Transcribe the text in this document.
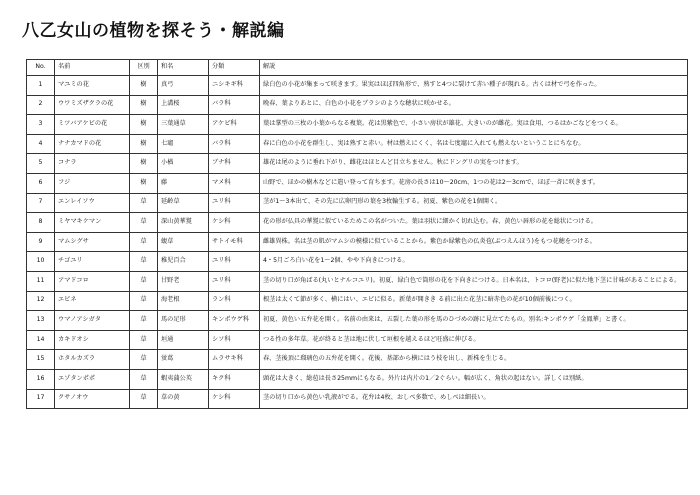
八乙女山の植物を探そう・解説編
No.	名前	区別	和名	分類	解説
1	マユミの花	樹	真弓	ニシキギ科	緑白色の小花が集まって咲きます。果実はほぼ四角形で、熟すと4つに裂けて赤い種子が現れる。古くは材で弓を作った。
2	ウワミズザクラの花	樹	上溝桜	バラ科	晩春、葉よりあとに、白色の小花をブラシのような穂状に咲かせる。
3	ミツバアケビの花	樹	三葉通草	アケビ科	葉は掌型の三枚の小葉からなる複葉。花は黒紫色で、小さい房状が雄花、大きいのが雌花。実は食用、つるはかごなどをつくる。
4	ナナカマドの花	樹	七竈	バラ科	春に白色の小花を群生し、実は熟すと赤い。材は燃えにくく、名は七度竈に入れても燃えないということにちなむ。
5	コナラ	樹	小楢	ブナ科	雄花は尾のように垂れ下がり、雌花はほとんど目立ちません。秋にドングリの実をつけます。
6	フジ	樹	藤	マメ科	山野で、ほかの樹木などに遣い登って育ちます。花房の長さは10〜20cm、1つの花は2〜3cmで、ほぼ一斉に咲きます。
7	エンレイソウ	草	延齢草	ユリ科	茎が1〜3本出て、その先に広卵円形の葉を3枚輪生する。初夏、紫色の花を1個開く。
8	ミヤマキケマン	草	深山黄華鬘	ケシ科	花の形が仏具の華鬘に似ているためこの名がついた。葉は羽状に細かく切れ込む。春、黄色い唇形の花を総状につける。
9	マムシグサ	草	蝮草	サトイモ科	雌雄異株。名は茎の肌がマムシの模様に似ていることから。紫色か緑紫色の仏炎苞(ぶつえんほう)をもつ花穂をつける。
10	チゴユリ	草	稚児百合	ユリ科	4・5月ごろ白い花を1〜2個、やや下向きにつける。
11	アマドコロ	草	甘野老	ユリ科	茎の切り口が角ばる(丸いとナルコユリ)。初夏、緑白色で筒形の花を下向きにつける。日本名は、トコロ(野老)に似た地下茎に甘味があることによる。
12	エビネ	草	海老根	ラン科	根茎は太くて節が多く、横にはい、エビに似る。新葉が開きき る前に出た花茎に暗赤色の花が10個前後につく。
13	ウマノアシガタ	草	馬の足形	キンポウゲ科	初夏、黄色い五弁花を開く。名前の由来は、五裂した葉の形を馬のひづめの跡に見立てたもの。別名:キンポウゲ「金鳳華」と書く。
14	カキドオシ	草	垣通	シソ科	つる性の多年草。花が終ると茎は地に伏して垣根を越えるほど旺盛に伸びる。
15	ホタルカズラ	草	蛍葛	ムラサキ科	春、茎後頂に瑠璃色の五弁花を開く。花後、基部から横にはう枝を出し、新株を生じる。
16	エゾタンポポ	草	蝦夷蒲公英	キク科	頭花は大きく、総苞は長さ25mmにもなる。外片は内片の1／2ぐらい。幅が広く、角状の起はない。詳しくは別紙。
17	クサノオウ	草	草の黄	ケシ科	茎の切り口から黄色い乳液がでる。花弁は4枚、おしべ多数で、めしべは細長い。
